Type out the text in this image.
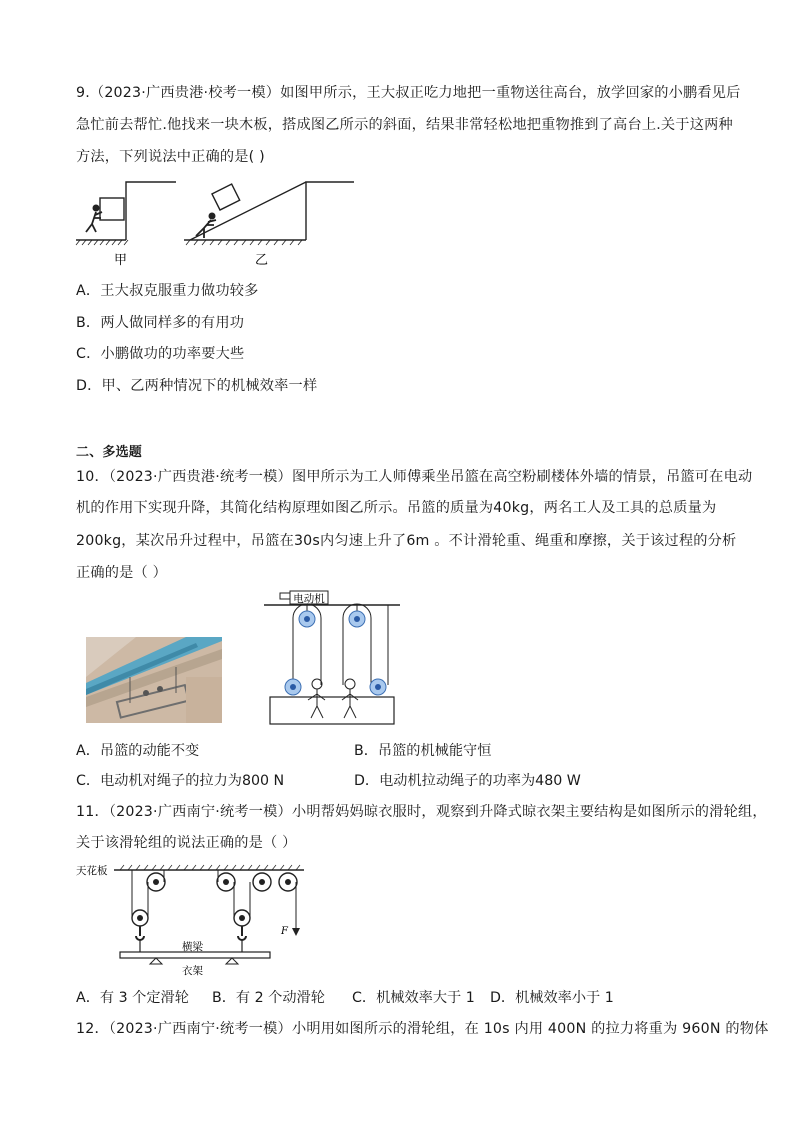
9.（2023·广西贵港·校考一模）如图甲所示，王大叔正吃力地把一重物送往高台，放学回家的小鹏看见后
急忙前去帮忙.他找来一块木板，搭成图乙所示的斜面，结果非常轻松地把重物推到了高台上.关于这两种
方法，下列说法中正确的是( )
甲	乙
A．王大叔克服重力做功较多
B．两人做同样多的有用功
C．小鹏做功的功率要大些
D．甲、乙两种情况下的机械效率一样
二、多选题
10．（2023·广西贵港·统考一模）图甲所示为工人师傅乘坐吊篮在高空粉刷楼体外墙的情景，吊篮可在电动
机的作用下实现升降，其简化结构原理如图乙所示。吊篮的质量为40kg，两名工人及工具的总质量为
200kg，某次吊升过程中，吊篮在30s内匀速上升了6m 。不计滑轮重、绳重和摩擦，关于该过程的分析
正确的是（ ）
电动机
A．吊篮的动能不变	B．吊篮的机械能守恒
C．电动机对绳子的拉力为800 N	D．电动机拉动绳子的功率为480 W
11．（2023·广西南宁·统考一模）小明帮妈妈晾衣服时，观察到升降式晾衣架主要结构是如图所示的滑轮组，
关于该滑轮组的说法正确的是（ ）
天花板
F
横梁
衣架
A．有 3 个定滑轮 B．有 2 个动滑轮 C．机械效率大于 1 D．机械效率小于 1
12．（2023·广西南宁·统考一模）小明用如图所示的滑轮组，在 10s 内用 400N 的拉力将重为 960N 的物体
